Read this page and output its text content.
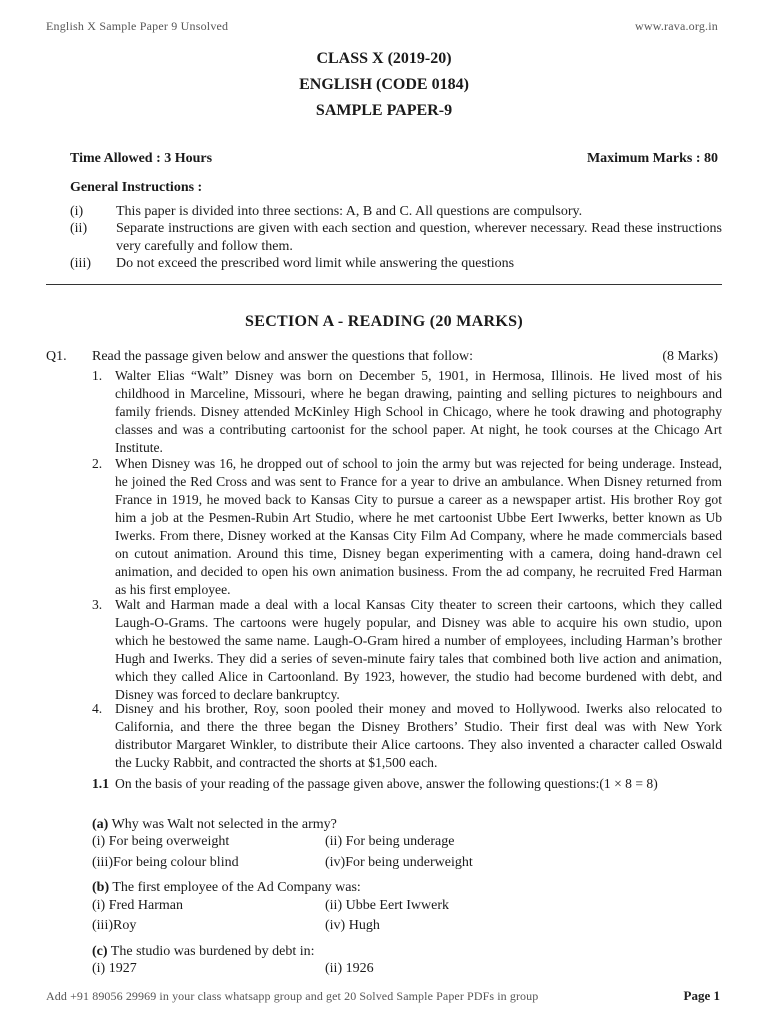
English X Sample Paper 9 Unsolved	www.rava.org.in
CLASS X (2019-20)
ENGLISH (CODE 0184)
SAMPLE PAPER-9
Time Allowed : 3 Hours	Maximum Marks : 80
General Instructions :
(i) This paper is divided into three sections: A, B and C. All questions are compulsory.
(ii) Separate instructions are given with each section and question, wherever necessary. Read these instructions very carefully and follow them.
(iii) Do not exceed the prescribed word limit while answering the questions
SECTION A - READING (20 MARKS)
Q1. Read the passage given below and answer the questions that follow:	(8 Marks)
1. Walter Elias “Walt” Disney was born on December 5, 1901, in Hermosa, Illinois. He lived most of his childhood in Marceline, Missouri, where he began drawing, painting and selling pictures to neighbours and family friends. Disney attended McKinley High School in Chicago, where he took drawing and photography classes and was a contributing cartoonist for the school paper. At night, he took courses at the Chicago Art Institute.
2. When Disney was 16, he dropped out of school to join the army but was rejected for being underage. Instead, he joined the Red Cross and was sent to France for a year to drive an ambulance. When Disney returned from France in 1919, he moved back to Kansas City to pursue a career as a newspaper artist. His brother Roy got him a job at the Pesmen-Rubin Art Studio, where he met cartoonist Ubbe Eert Iwwerks, better known as Ub Iwerks. From there, Disney worked at the Kansas City Film Ad Company, where he made commercials based on cutout animation. Around this time, Disney began experimenting with a camera, doing hand-drawn cel animation, and decided to open his own animation business. From the ad company, he recruited Fred Harman as his first employee.
3. Walt and Harman made a deal with a local Kansas City theater to screen their cartoons, which they called Laugh-O-Grams. The cartoons were hugely popular, and Disney was able to acquire his own studio, upon which he bestowed the same name. Laugh-O-Gram hired a number of employees, including Harman’s brother Hugh and Iwerks. They did a series of seven-minute fairy tales that combined both live action and animation, which they called Alice in Cartoonland. By 1923, however, the studio had become burdened with debt, and Disney was forced to declare bankruptcy.
4. Disney and his brother, Roy, soon pooled their money and moved to Hollywood. Iwerks also relocated to California, and there the three began the Disney Brothers’ Studio. Their first deal was with New York distributor Margaret Winkler, to distribute their Alice cartoons. They also invented a character called Oswald the Lucky Rabbit, and contracted the shorts at $1,500 each.
1.1 On the basis of your reading of the passage given above, answer the following questions:(1 × 8 = 8)
(a) Why was Walt not selected in the army?
(i) For being overweight	(ii) For being underage
(iii)For being colour blind	(iv)For being underweight
(b) The first employee of the Ad Company was:
(i) Fred Harman	(ii) Ubbe Eert Iwwerk
(iii)Roy	(iv) Hugh
(c) The studio was burdened by debt in:
(i) 1927	(ii) 1926
Add +91 89056 29969 in your class whatsapp group and get 20 Solved Sample Paper PDFs in group	Page 1
